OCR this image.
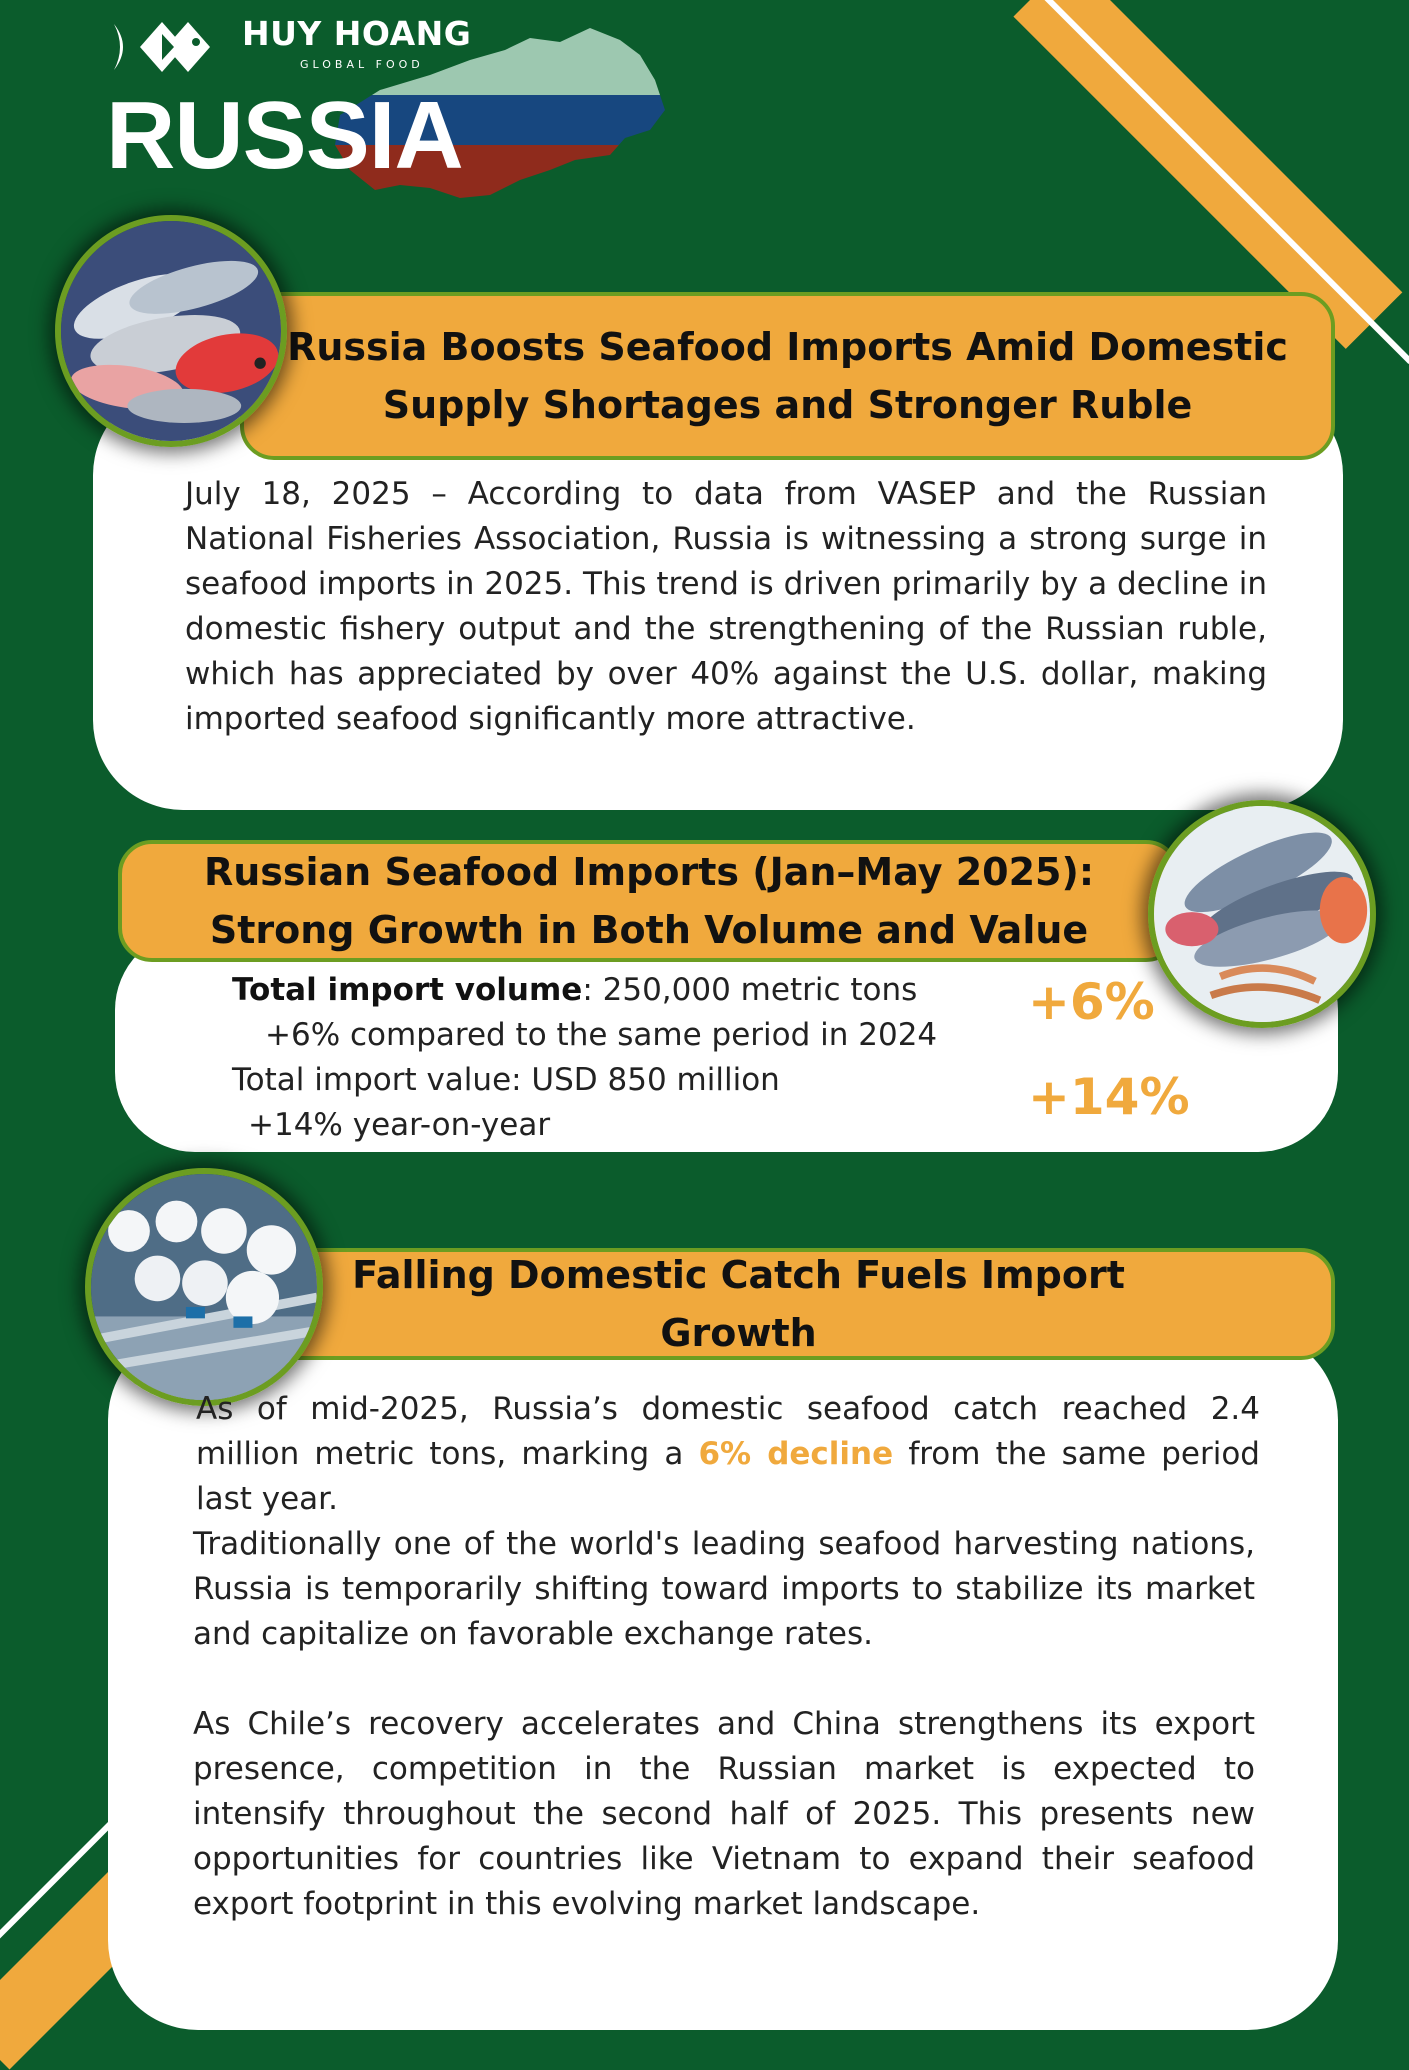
HUY HOANG
GLOBAL FOOD
RUSSIA
Russia Boosts Seafood Imports Amid Domestic Supply Shortages and Stronger Ruble
July 18, 2025 – According to data from VASEP and the Russian National Fisheries Association, Russia is witnessing a strong surge in seafood imports in 2025. This trend is driven primarily by a decline in domestic fishery output and the strengthening of the Russian ruble, which has appreciated by over 40% against the U.S. dollar, making imported seafood significantly more attractive.
Russian Seafood Imports (Jan–May 2025): Strong Growth in Both Volume and Value
Total import volume: 250,000 metric tons
+6% compared to the same period in 2024
Total import value: USD 850 million
+14% year-on-year
+6%
+14%
Falling Domestic Catch Fuels Import Growth
As of mid-2025, Russia’s domestic seafood catch reached 2.4 million metric tons, marking a 6% decline from the same period last year.
Traditionally one of the world's leading seafood harvesting nations, Russia is temporarily shifting toward imports to stabilize its market and capitalize on favorable exchange rates.
As Chile’s recovery accelerates and China strengthens its export presence, competition in the Russian market is expected to intensify throughout the second half of 2025. This presents new opportunities for countries like Vietnam to expand their seafood export footprint in this evolving market landscape.
